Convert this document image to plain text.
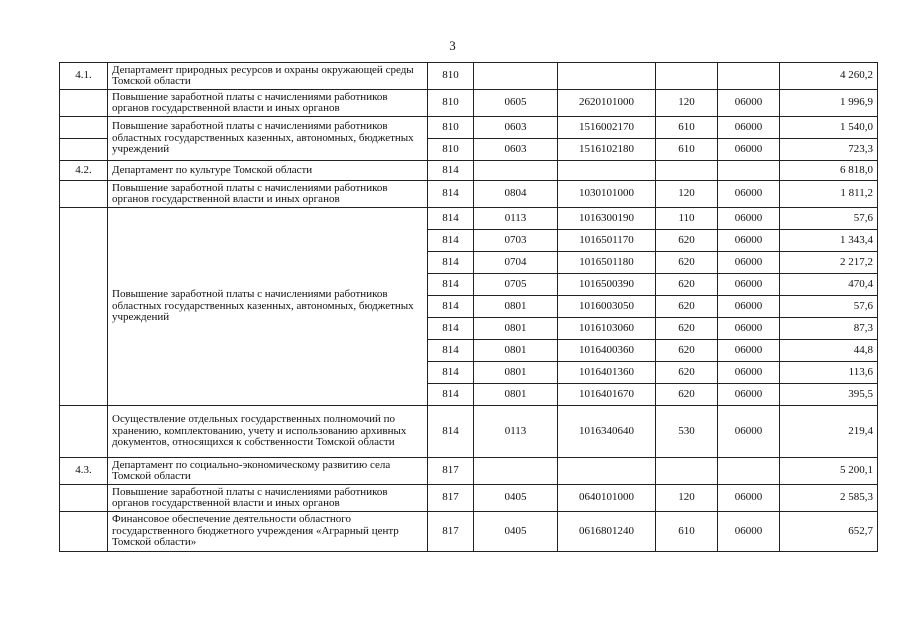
3
4.1.	Департамент природных ресурсов и охраны окружающей среды Томской области	810					4 260,2
	Повышение заработной платы с начислениями работников органов государственной власти и иных органов	810	0605	2620101000	120	06000	1 996,9
	Повышение заработной платы с начислениями работников областных государственных казенных, автономных, бюджетных учреждений	810	0603	1516002170	610	06000	1 540,0
		810	0603	1516102180	610	06000	723,3
4.2.	Департамент по культуре Томской области	814					6 818,0
	Повышение заработной платы с начислениями работников органов государственной власти и иных органов	814	0804	1030101000	120	06000	1 811,2
	Повышение заработной платы с начислениями работников областных государственных казенных, автономных, бюджетных учреждений	814	0113	1016300190	110	06000	57,6
		814	0703	1016501170	620	06000	1 343,4
		814	0704	1016501180	620	06000	2 217,2
		814	0705	1016500390	620	06000	470,4
		814	0801	1016003050	620	06000	57,6
		814	0801	1016103060	620	06000	87,3
		814	0801	1016400360	620	06000	44,8
		814	0801	1016401360	620	06000	113,6
		814	0801	1016401670	620	06000	395,5
	Осуществление отдельных государственных полномочий по хранению, комплектованию, учету и использованию архивных документов, относящихся к собственности Томской области	814	0113	1016340640	530	06000	219,4
4.3.	Департамент по социально-экономическому развитию села Томской области	817					5 200,1
	Повышение заработной платы с начислениями работников органов государственной власти и иных органов	817	0405	0640101000	120	06000	2 585,3
	Финансовое обеспечение деятельности областного государственного бюджетного учреждения «Аграрный центр Томской области»	817	0405	0616801240	610	06000	652,7
